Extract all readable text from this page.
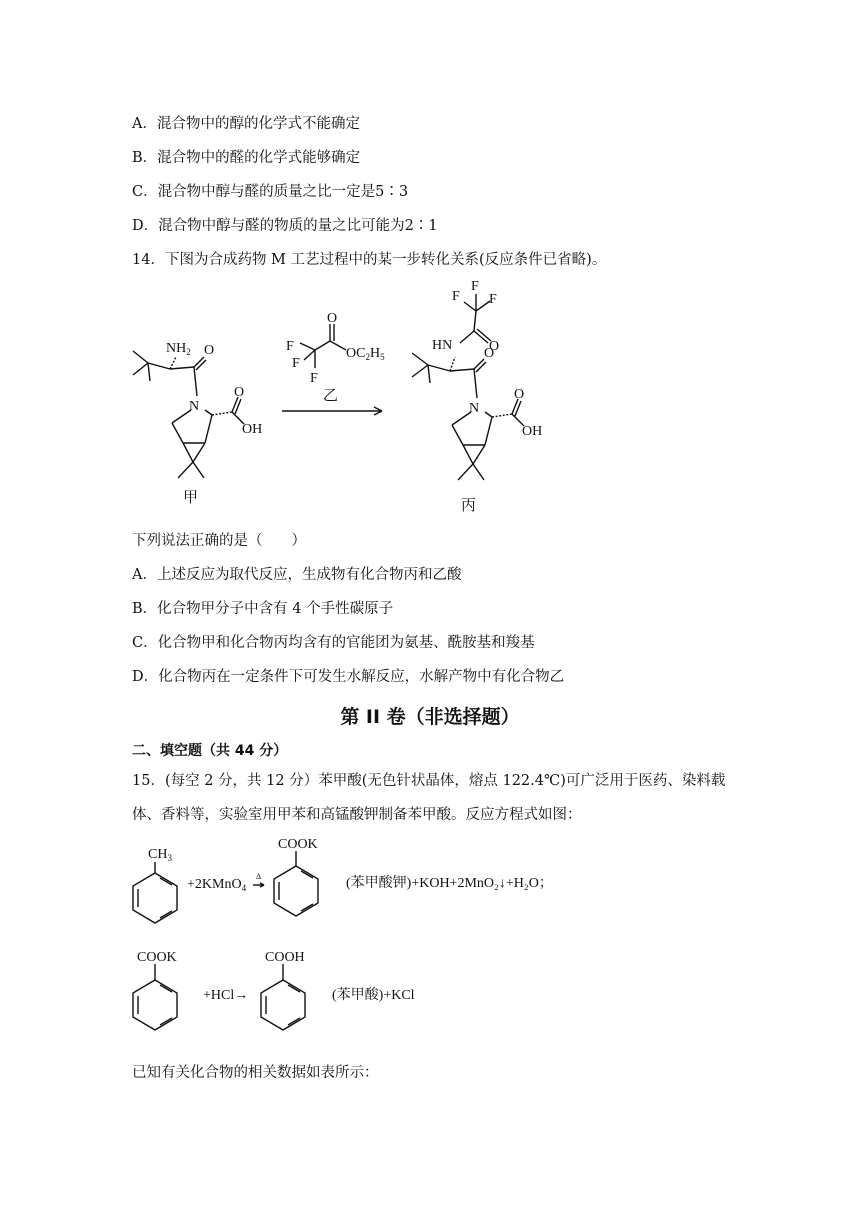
A．混合物中的醇的化学式不能确定
B．混合物中的醛的化学式能够确定
C．混合物中醇与醛的质量之比一定是5∶3
D．混合物中醇与醛的物质的量之比可能为2∶1
14．下图为合成药物 M 工艺过程中的某一步转化关系(反应条件已省略)。
$NH_2$ O
N
O
OH
O
F
F
F
$OC_2H_5$
F
F
F
HN	O
O
N
O
OH
甲
乙
丙
下列说法正确的是（　　）
A．上述反应为取代反应，生成物有化合物丙和乙酸
B．化合物甲分子中含有 4 个手性碳原子
C．化合物甲和化合物丙均含有的官能团为氨基、酰胺基和羧基
D．化合物丙在一定条件下可发生水解反应，水解产物中有化合物乙
第 II 卷（非选择题）
二、填空题（共 44 分）
15．(每空 2 分，共 12 分）苯甲酸(无色针状晶体，熔点 122.4℃)可广泛用于医药、染料载
体、香料等，实验室用甲苯和高锰酸钾制备苯甲酸。反应方程式如图：
$CH_3$
+2KMnO$_4$
Δ
COOK
(苯甲酸钾)+KOH+2MnO₂↓+H₂O；
COOK
+HCl→
COOH
(苯甲酸)+KCl
已知有关化合物的相关数据如表所示：
